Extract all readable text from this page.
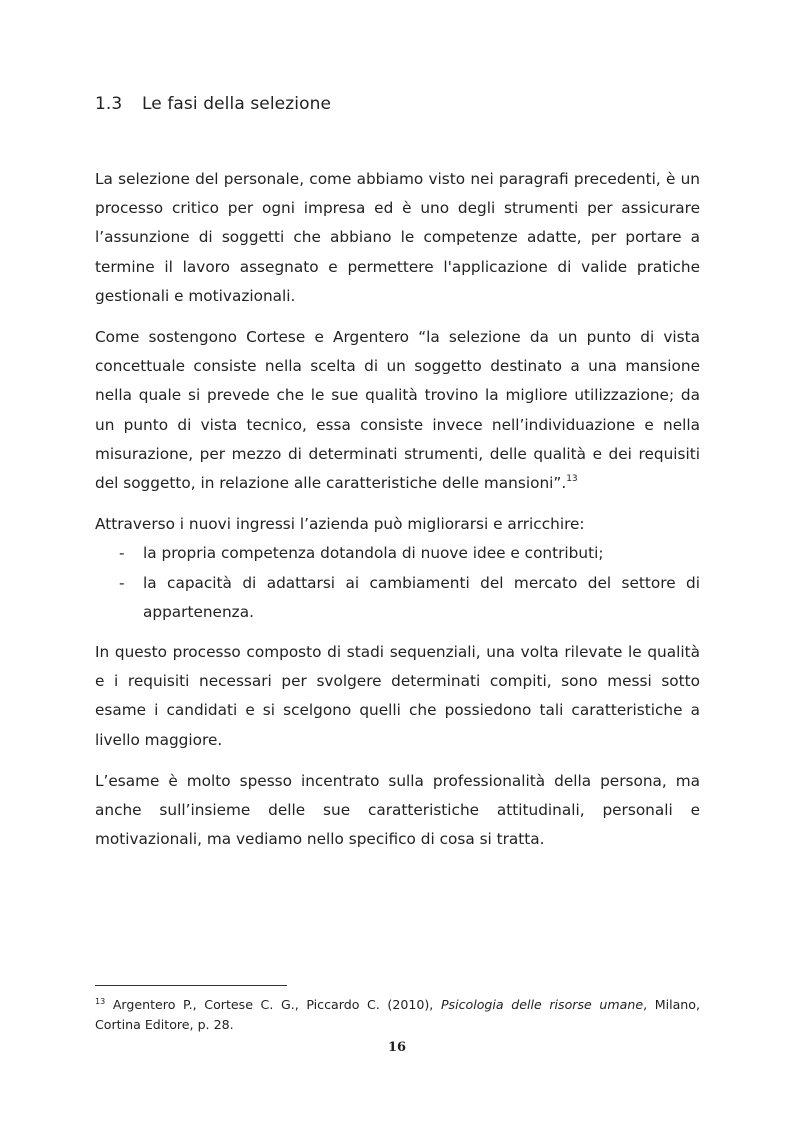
1.3 Le fasi della selezione

La selezione del personale, come abbiamo visto nei paragrafi precedenti, è un processo critico per ogni impresa ed è uno degli strumenti per assicurare l’assunzione di soggetti che abbiano le competenze adatte, per portare a termine il lavoro assegnato e permettere l'applicazione di valide pratiche gestionali e motivazionali.

Come sostengono Cortese e Argentero “la selezione da un punto di vista concettuale consiste nella scelta di un soggetto destinato a una mansione nella quale si prevede che le sue qualità trovino la migliore utilizzazione; da un punto di vista tecnico, essa consiste invece nell’individuazione e nella misurazione, per mezzo di determinati strumenti, delle qualità e dei requisiti del soggetto, in relazione alle caratteristiche delle mansioni”.$^{13}$

Attraverso i nuovi ingressi l’azienda può migliorarsi e arricchire:

- la propria competenza dotandola di nuove idee e contributi;
- la capacità di adattarsi ai cambiamenti del mercato del settore di appartenenza.

In questo processo composto di stadi sequenziali, una volta rilevate le qualità e i requisiti necessari per svolgere determinati compiti, sono messi sotto esame i candidati e si scelgono quelli che possiedono tali caratteristiche a livello maggiore.

L’esame è molto spesso incentrato sulla professionalità della persona, ma anche sull’insieme delle sue caratteristiche attitudinali, personali e motivazionali, ma vediamo nello specifico di cosa si tratta.

$^{13}$ Argentero P., Cortese C. G., Piccardo C. (2010), Psicologia delle risorse umane, Milano, Cortina Editore, p. 28.
16
